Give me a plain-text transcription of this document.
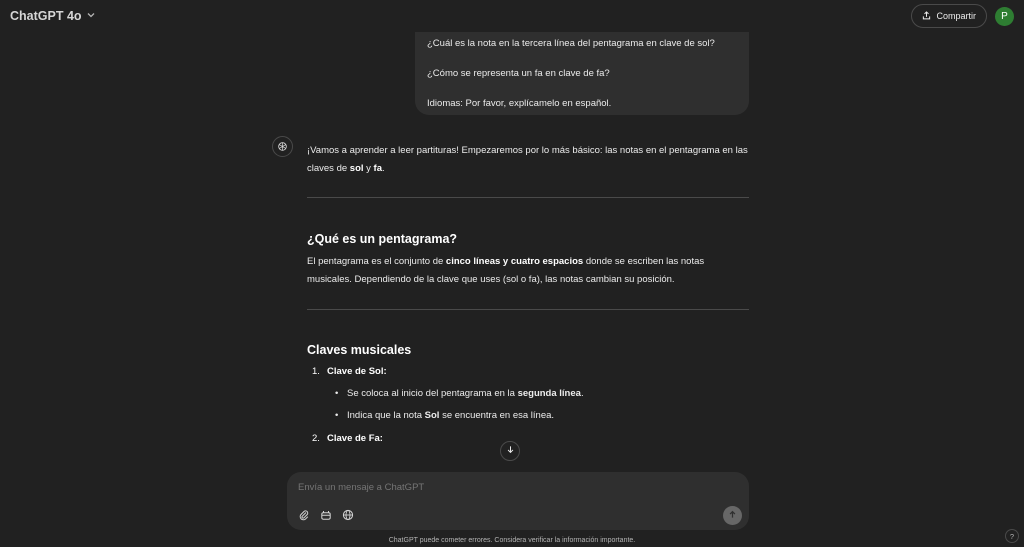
ChatGPT 4o	Compartir	P

¿Cuál es la nota en la tercera línea del pentagrama en clave de sol?

¿Cómo se representa un fa en clave de fa?

Idiomas: Por favor, explícamelo en español.

¡Vamos a aprender a leer partituras! Empezaremos por lo más básico: las notas en el pentagrama en las claves de sol y fa.

¿Qué es un pentagrama?

El pentagrama es el conjunto de cinco líneas y cuatro espacios donde se escriben las notas musicales. Dependiendo de la clave que uses (sol o fa), las notas cambian su posición.

Claves musicales
1. Clave de Sol:
• Se coloca al inicio del pentagrama en la segunda línea.
• Indica que la nota Sol se encuentra en esa línea.
2. Clave de Fa:
Envía un mensaje a ChatGPT
ChatGPT puede cometer errores. Considera verificar la información importante.	?
